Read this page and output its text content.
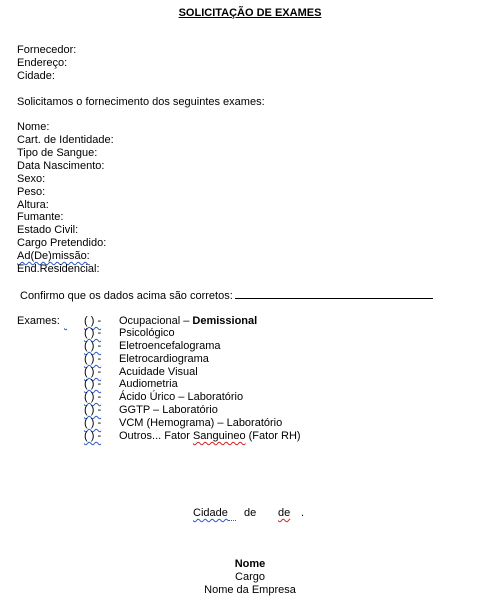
SOLICITAÇÃO DE EXAMES
Fornecedor:
Endereço:
Cidade:
Solicitamos o fornecimento dos seguintes exames:
Nome:
Cart. de Identidade:
Tipo de Sangue:
Data Nascimento:
Sexo:
Peso:
Altura:
Fumante:
Estado Civil:
Cargo Pretendido:
Ad(De)missão:
End.Residencial:
Confirmo que os dados acima são corretos:
Exames:
( ) -
( ) -
( ) -
( ) -
( ) -
( ) -
( ) -
( ) -
( ) -
( ) -
Ocupacional – Demissional
Psicológico
Eletroencefalograma
Eletrocardiograma
Acuidade Visual
Audiometria
Ácido Úrico – Laboratório
GGTP – Laboratório
VCM (Hemograma) – Laboratório
Outros... Fator Sanguineo (Fator RH)
Cidade	de de .
Nome
Cargo
Nome da Empresa
